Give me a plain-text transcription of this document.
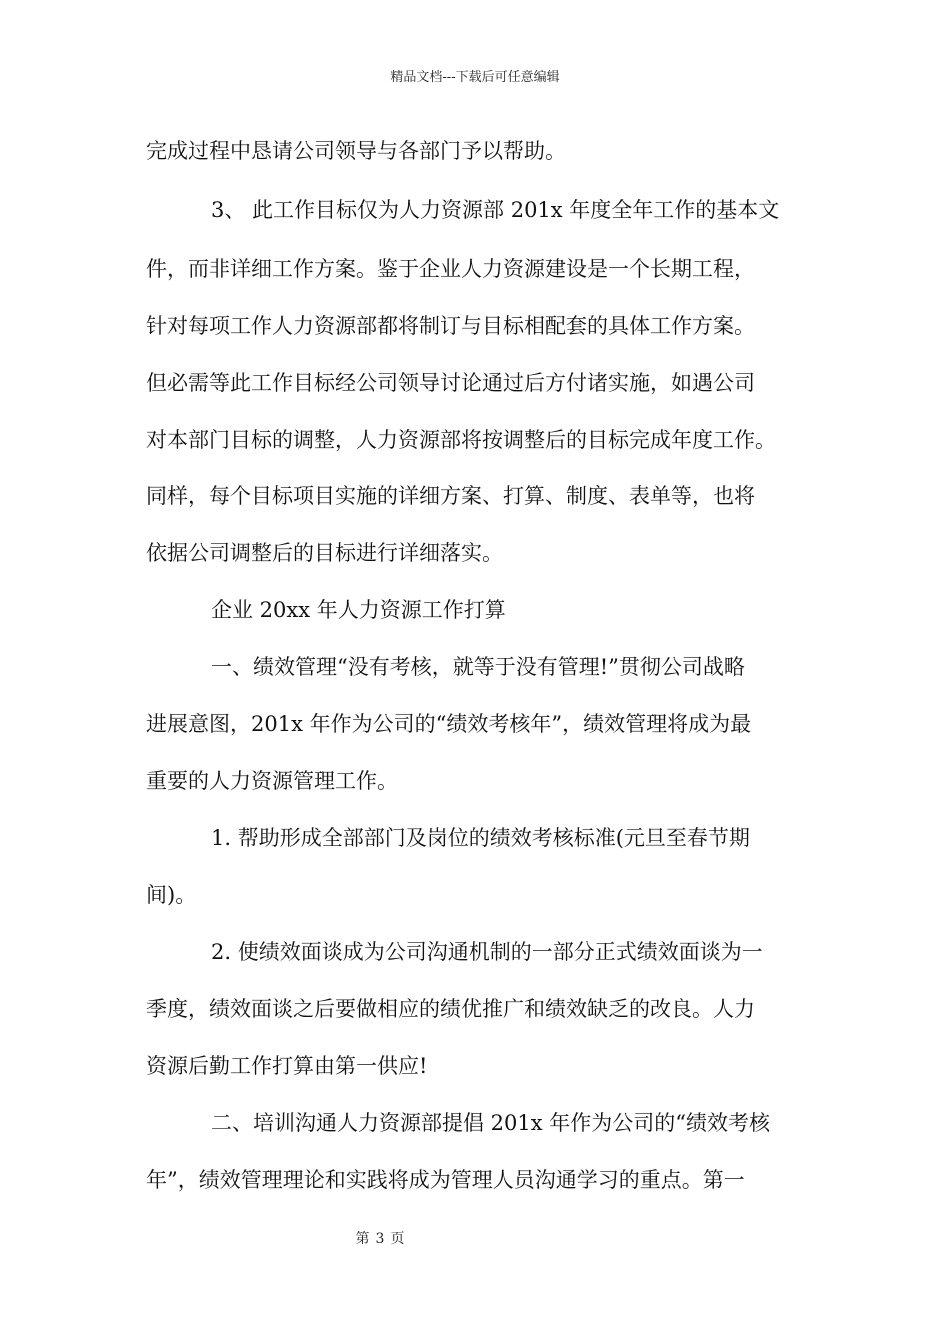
精品文档---下载后可任意编辑
完成过程中恳请公司领导与各部门予以帮助。
3、 此工作目标仅为人力资源部 201x 年度全年工作的基本文
件，而非详细工作方案。鉴于企业人力资源建设是一个长期工程，
针对每项工作人力资源部都将制订与目标相配套的具体工作方案。
但必需等此工作目标经公司领导讨论通过后方付诸实施，如遇公司
对本部门目标的调整，人力资源部将按调整后的目标完成年度工作。
同样，每个目标项目实施的详细方案、打算、制度、表单等，也将
依据公司调整后的目标进行详细落实。
企业 20xx 年人力资源工作打算
一、绩效管理“没有考核，就等于没有管理!”贯彻公司战略
进展意图，201x 年作为公司的“绩效考核年”，绩效管理将成为最
重要的人力资源管理工作。
1. 帮助形成全部部门及岗位的绩效考核标准(元旦至春节期
间)。
2. 使绩效面谈成为公司沟通机制的一部分正式绩效面谈为一
季度，绩效面谈之后要做相应的绩优推广和绩效缺乏的改良。人力
资源后勤工作打算由第一供应!
二、培训沟通人力资源部提倡 201x 年作为公司的“绩效考核
年”，绩效管理理论和实践将成为管理人员沟通学习的重点。第一
第 3 页
